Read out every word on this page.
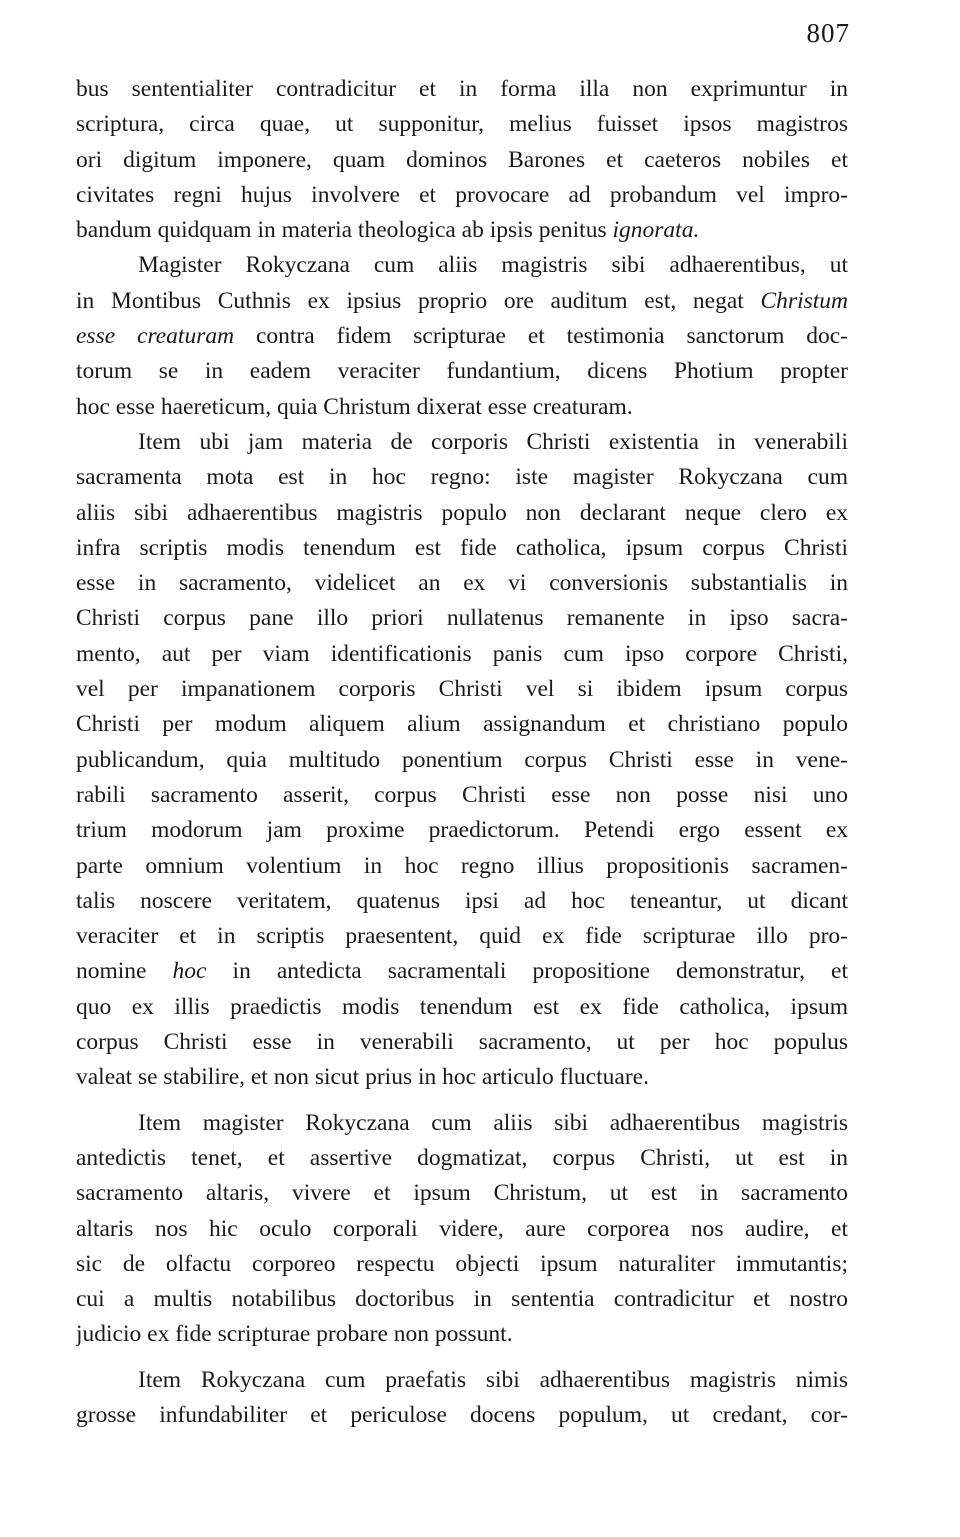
807
bus sententialiter contradicitur et in forma illa non exprimuntur in
scriptura, circa quae, ut supponitur, melius fuisset ipsos magistros
ori digitum imponere, quam dominos Barones et caeteros nobiles et
civitates regni hujus involvere et provocare ad probandum vel impro-
bandum quidquam in materia theologica ab ipsis penitus ignorata.
Magister Rokyczana cum aliis magistris sibi adhaerentibus, ut
in Montibus Cuthnis ex ipsius proprio ore auditum est, negat Christum
esse creaturam contra fidem scripturae et testimonia sanctorum doc-
torum se in eadem veraciter fundantium, dicens Photium propter
hoc esse haereticum, quia Christum dixerat esse creaturam.
Item ubi jam materia de corporis Christi existentia in venerabili
sacramenta mota est in hoc regno: iste magister Rokyczana cum
aliis sibi adhaerentibus magistris populo non declarant neque clero ex
infra scriptis modis tenendum est fide catholica, ipsum corpus Christi
esse in sacramento, videlicet an ex vi conversionis substantialis in
Christi corpus pane illo priori nullatenus remanente in ipso sacra-
mento, aut per viam identificationis panis cum ipso corpore Christi,
vel per impanationem corporis Christi vel si ibidem ipsum corpus
Christi per modum aliquem alium assignandum et christiano populo
publicandum, quia multitudo ponentium corpus Christi esse in vene-
rabili sacramento asserit, corpus Christi esse non posse nisi uno
trium modorum jam proxime praedictorum. Petendi ergo essent ex
parte omnium volentium in hoc regno illius propositionis sacramen-
talis noscere veritatem, quatenus ipsi ad hoc teneantur, ut dicant
veraciter et in scriptis praesentent, quid ex fide scripturae illo pro-
nomine hoc in antedicta sacramentali propositione demonstratur, et
quo ex illis praedictis modis tenendum est ex fide catholica, ipsum
corpus Christi esse in venerabili sacramento, ut per hoc populus
valeat se stabilire, et non sicut prius in hoc articulo fluctuare.
Item magister Rokyczana cum aliis sibi adhaerentibus magistris
antedictis tenet, et assertive dogmatizat, corpus Christi, ut est in
sacramento altaris, vivere et ipsum Christum, ut est in sacramento
altaris nos hic oculo corporali videre, aure corporea nos audire, et
sic de olfactu corporeo respectu objecti ipsum naturaliter immutantis;
cui a multis notabilibus doctoribus in sententia contradicitur et nostro
judicio ex fide scripturae probare non possunt.
Item Rokyczana cum praefatis sibi adhaerentibus magistris nimis
grosse infundabiliter et periculose docens populum, ut credant, cor-
